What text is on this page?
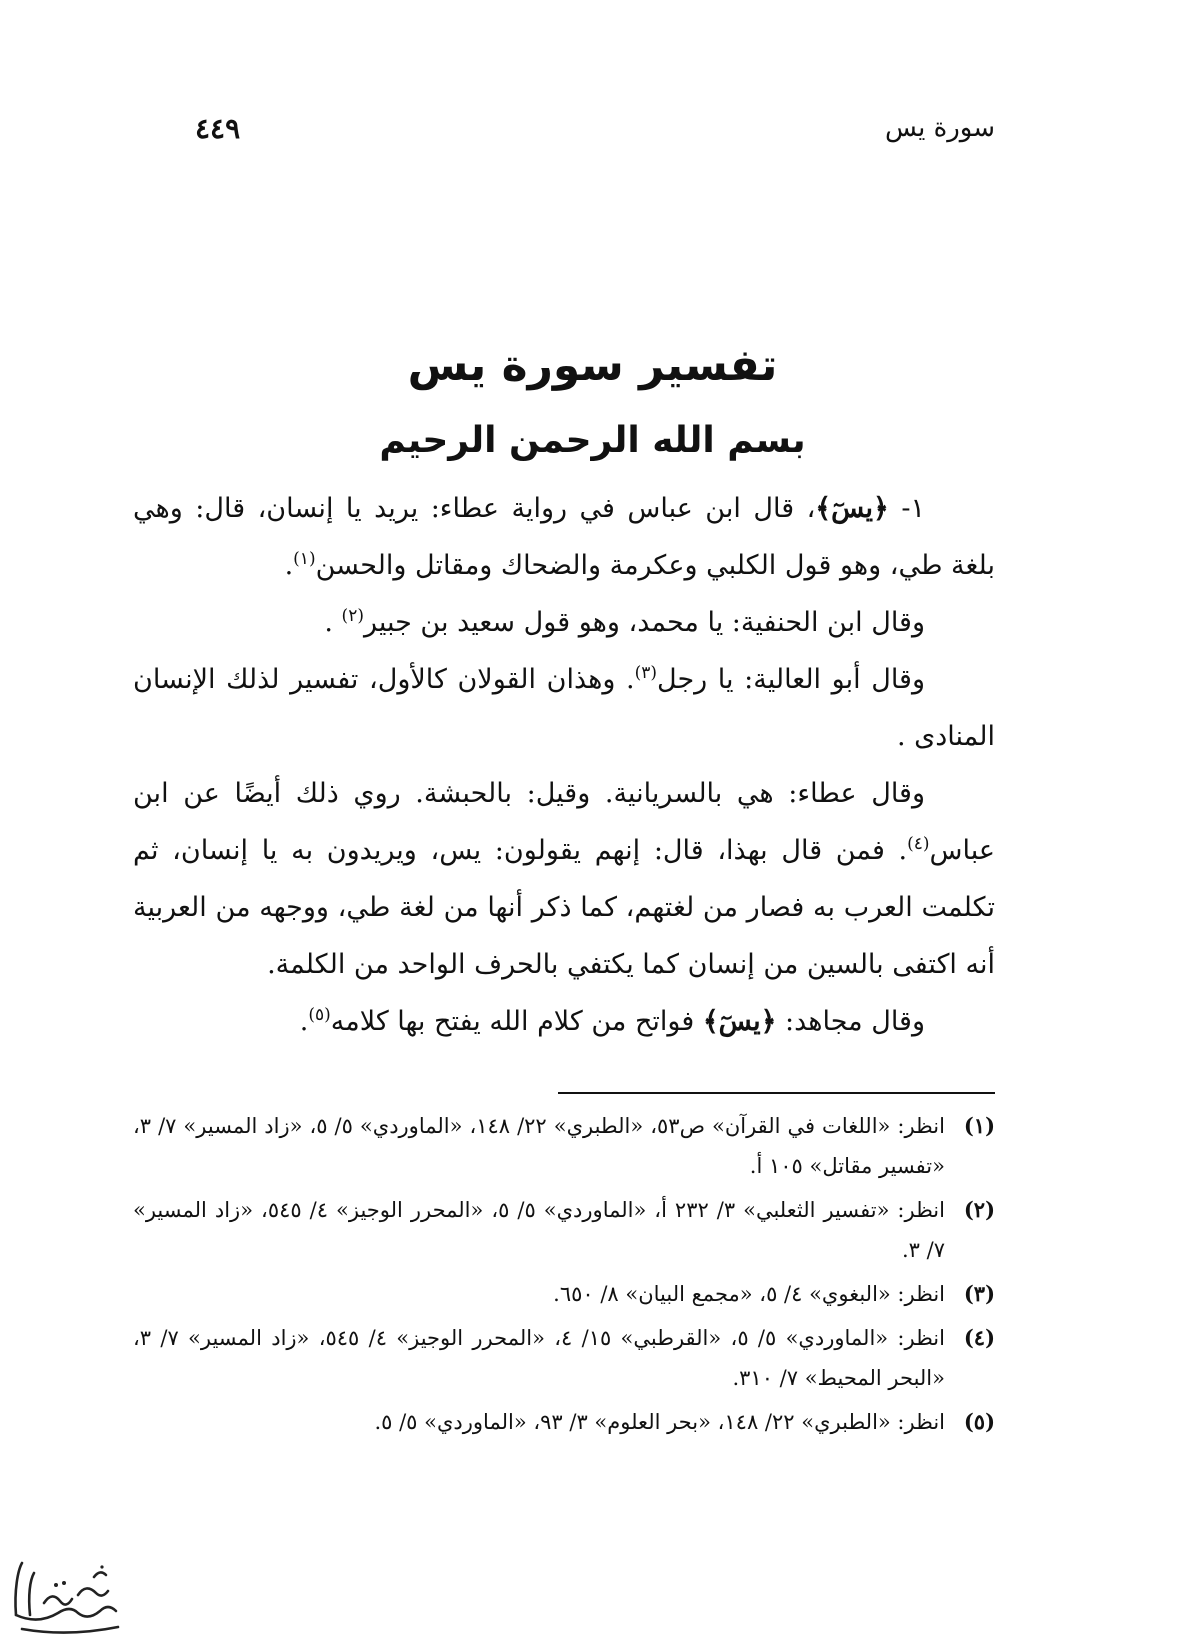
سورة يس
٤٤٩
تفسير سورة يس
بسم الله الرحمن الرحيم

١- ﴿يسٓ﴾، قال ابن عباس في رواية عطاء: يريد يا إنسان، قال: وهي بلغة طي، وهو قول الكلبي وعكرمة والضحاك ومقاتل والحسن$^{(١)}$.

وقال ابن الحنفية: يا محمد، وهو قول سعيد بن جبير$^{(٢)}$ .

وقال أبو العالية: يا رجل$^{(٣)}$. وهذان القولان كالأول، تفسير لذلك الإنسان المنادى .

وقال عطاء: هي بالسريانية. وقيل: بالحبشة. روي ذلك أيضًا عن ابن عباس$^{(٤)}$. فمن قال بهذا، قال: إنهم يقولون: يس، ويريدون به يا إنسان، ثم تكلمت العرب به فصار من لغتهم، كما ذكر أنها من لغة طي، ووجهه من العربية أنه اكتفى بالسين من إنسان كما يكتفي بالحرف الواحد من الكلمة.

وقال مجاهد: ﴿يسٓ﴾ فواتح من كلام الله يفتح بها كلامه$^{(٥)}$.

(١)
انظر: «اللغات في القرآن» ص٥٣، «الطبري» ٢٢/ ١٤٨، «الماوردي» ٥/ ٥، «زاد المسير» ٧/ ٣، «تفسير مقاتل» ١٠٥ أ.
(٢)
انظر: «تفسير الثعلبي» ٣/ ٢٣٢ أ، «الماوردي» ٥/ ٥، «المحرر الوجيز» ٤/ ٥٤٥، «زاد المسير» ٧/ ٣.
(٣)
انظر: «البغوي» ٤/ ٥، «مجمع البيان» ٨/ ٦٥٠.
(٤)
انظر: «الماوردي» ٥/ ٥، «القرطبي» ١٥/ ٤، «المحرر الوجيز» ٤/ ٥٤٥، «زاد المسير» ٧/ ٣، «البحر المحيط» ٧/ ٣١٠.
(٥)
انظر: «الطبري» ٢٢/ ١٤٨، «بحر العلوم» ٣/ ٩٣، «الماوردي» ٥/ ٥.
